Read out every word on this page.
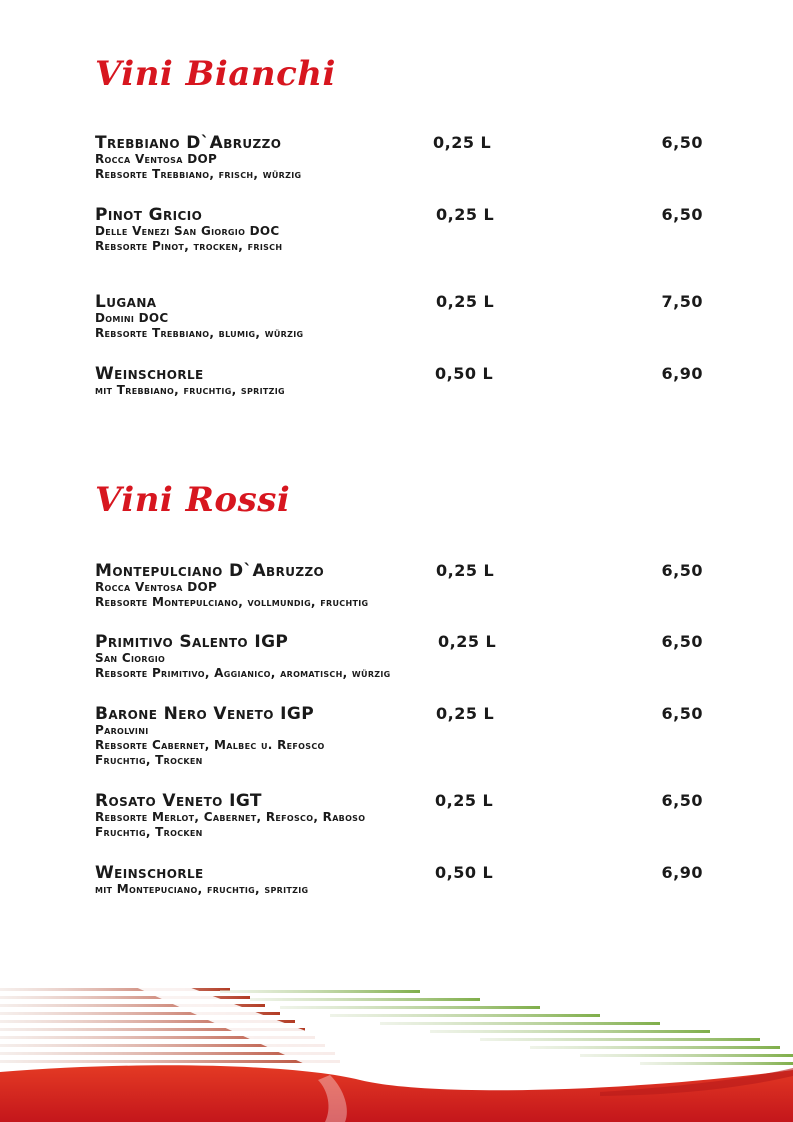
Vini Bianchi
Trebbiano D`Abruzzo
Rocca Ventosa DOP
Rebsorte Trebbiano, frisch, würzig
0,25 L	6,50
Pinot Gricio
Delle Venezi San Giorgio DOC
Rebsorte Pinot, trocken, frisch
0,25 L	6,50
Lugana
Domini DOC
Rebsorte Trebbiano, blumig, würzig
0,25 L	7,50
Weinschorle
mit Trebbiano, fruchtig, spritzig
0,50 L	6,90
Vini Rossi
Montepulciano D`Abruzzo
Rocca Ventosa DOP
Rebsorte Montepulciano, vollmundig, fruchtig
0,25 L	6,50
Primitivo Salento IGP
San Ciorgio
Rebsorte Primitivo, Aggianico, aromatisch, würzig
0,25 L	6,50
Barone Nero Veneto IGP
Parolvini
Rebsorte Cabernet, Malbec u. Refosco
Fruchtig, Trocken
0,25 L	6,50
Rosato Veneto IGT
Rebsorte Merlot, Cabernet, Refosco, Raboso
Fruchtig, Trocken
0,25 L	6,50
Weinschorle
mit Montepuciano, fruchtig, spritzig
0,50 L	6,90
